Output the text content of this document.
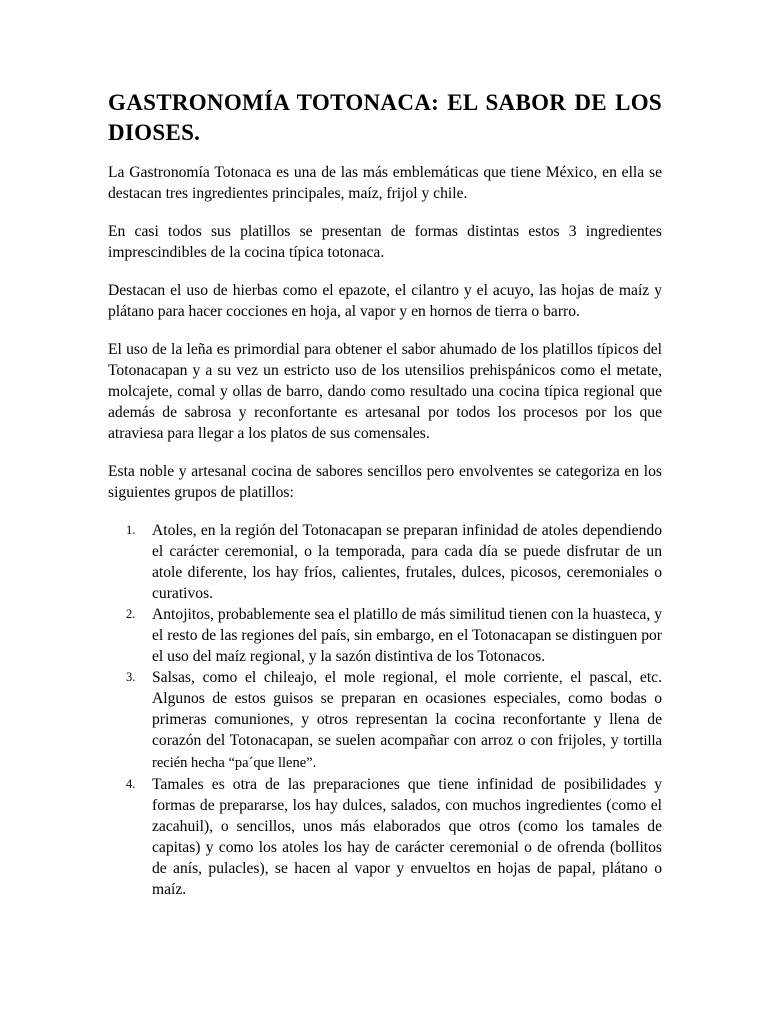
GASTRONOMÍA TOTONACA: EL SABOR DE LOS DIOSES.

La Gastronomía Totonaca es una de las más emblemáticas que tiene México, en ella se destacan tres ingredientes principales, maíz, frijol y chile.

En casi todos sus platillos se presentan de formas distintas estos 3 ingredientes imprescindibles de la cocina típica totonaca.

Destacan el uso de hierbas como el epazote, el cilantro y el acuyo, las hojas de maíz y plátano para hacer cocciones en hoja, al vapor y en hornos de tierra o barro.

El uso de la leña es primordial para obtener el sabor ahumado de los platillos típicos del Totonacapan y a su vez un estricto uso de los utensilios prehispánicos como el metate, molcajete, comal y ollas de barro, dando como resultado una cocina típica regional que además de sabrosa y reconfortante es artesanal por todos los procesos por los que atraviesa para llegar a los platos de sus comensales.

Esta noble y artesanal cocina de sabores sencillos pero envolventes se categoriza en los siguientes grupos de platillos:

1. Atoles, en la región del Totonacapan se preparan infinidad de atoles dependiendo el carácter ceremonial, o la temporada, para cada día se puede disfrutar de un atole diferente, los hay fríos, calientes, frutales, dulces, picosos, ceremoniales o curativos.
2. Antojitos, probablemente sea el platillo de más similitud tienen con la huasteca, y el resto de las regiones del país, sin embargo, en el Totonacapan se distinguen por el uso del maíz regional, y la sazón distintiva de los Totonacos.
3. Salsas, como el chileajo, el mole regional, el mole corriente, el pascal, etc. Algunos de estos guisos se preparan en ocasiones especiales, como bodas o primeras comuniones, y otros representan la cocina reconfortante y llena de corazón del Totonacapan, se suelen acompañar con arroz o con frijoles, y tortilla recién hecha “pa´que llene”.
4. Tamales es otra de las preparaciones que tiene infinidad de posibilidades y formas de prepararse, los hay dulces, salados, con muchos ingredientes (como el zacahuil), o sencillos, unos más elaborados que otros (como los tamales de capitas) y como los atoles los hay de carácter ceremonial o de ofrenda (bollitos de anís, pulacles), se hacen al vapor y envueltos en hojas de papal, plátano o maíz.
